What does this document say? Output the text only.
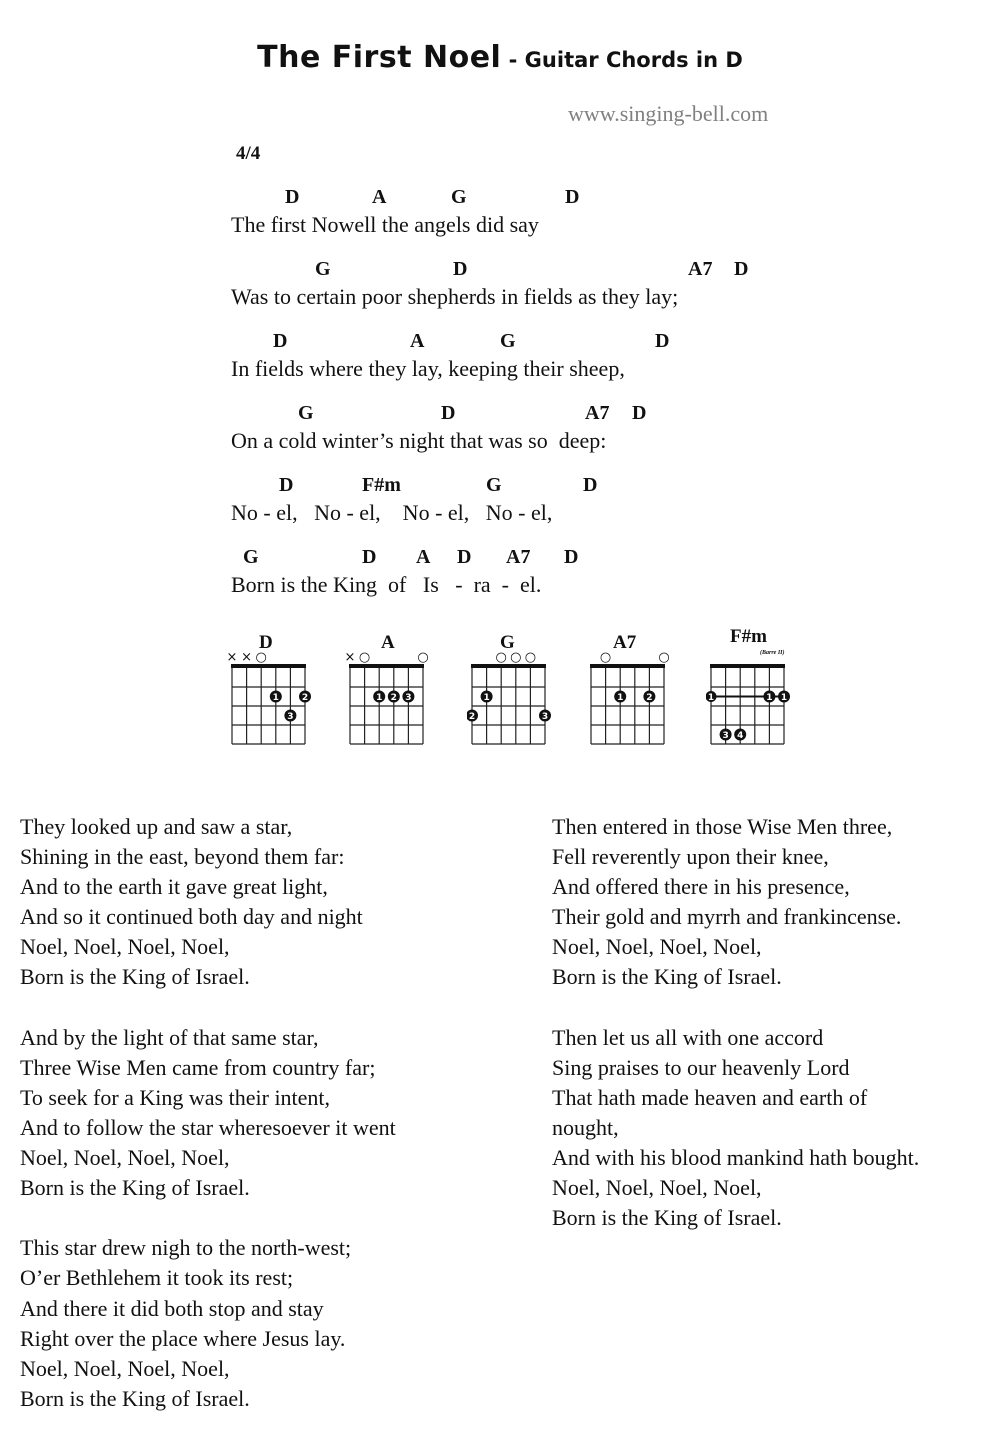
The First Noel - Guitar Chords in D
www.singing-bell.com
4/4
D	A	G	D
The first Nowell the angels did say
G	D	A7 D
Was to certain poor shepherds in fields as they lay;
D	A	G	D
In fields where they lay, keeping their sheep,
G	D	A7 D
On a cold winter’s night that was so  deep:
D	F#m	G	D
No - el,   No - el,    No - el,   No - el,
G	D A D A7 D
Born is the King  of   Is   -  ra  -  el.
D
× × ○
1	2
3
A
× ○	○
1 2 3
G
○ ○ ○
1
2	3
A7
○	○
1	2
F#m
(Barre II)
1	1 1
3 4
They looked up and saw a star,
Shining in the east, beyond them far:
And to the earth it gave great light,
And so it continued both day and night
Noel, Noel, Noel, Noel,
Born is the King of Israel.
And by the light of that same star,
Three Wise Men came from country far;
To seek for a King was their intent,
And to follow the star wheresoever it went
Noel, Noel, Noel, Noel,
Born is the King of Israel.
This star drew nigh to the north-west;
O’er Bethlehem it took its rest;
And there it did both stop and stay
Right over the place where Jesus lay.
Noel, Noel, Noel, Noel,
Born is the King of Israel.
Then entered in those Wise Men three,
Fell reverently upon their knee,
And offered there in his presence,
Their gold and myrrh and frankincense.
Noel, Noel, Noel, Noel,
Born is the King of Israel.
Then let us all with one accord
Sing praises to our heavenly Lord
That hath made heaven and earth of
nought,
And with his blood mankind hath bought.
Noel, Noel, Noel, Noel,
Born is the King of Israel.
